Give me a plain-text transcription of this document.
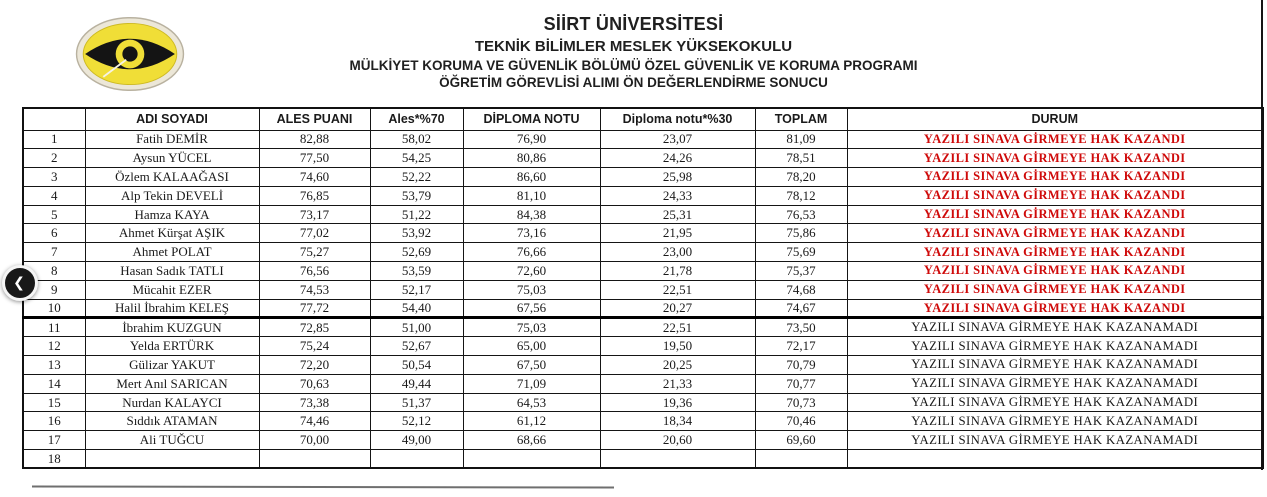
SİİRT ÜNİVERSİTESİ
TEKNİK BİLİMLER MESLEK YÜKSEKOKULU
MÜLKİYET KORUMA VE GÜVENLİK BÖLÜMÜ ÖZEL GÜVENLİK VE KORUMA PROGRAMI
ÖĞRETİM GÖREVLİSİ ALIMI ÖN DEĞERLENDİRME SONUCU
	ADI SOYADI	ALES PUANI	Ales*%70	DİPLOMA NOTU	Diploma notu*%30	TOPLAM	DURUM
1	Fatih DEMİR	82,88	58,02	76,90	23,07	81,09	YAZILI SINAVA GİRMEYE HAK KAZANDI
2	Aysun YÜCEL	77,50	54,25	80,86	24,26	78,51	YAZILI SINAVA GİRMEYE HAK KAZANDI
3	Özlem KALAAĞASI	74,60	52,22	86,60	25,98	78,20	YAZILI SINAVA GİRMEYE HAK KAZANDI
4	Alp Tekin DEVELİ	76,85	53,79	81,10	24,33	78,12	YAZILI SINAVA GİRMEYE HAK KAZANDI
5	Hamza KAYA	73,17	51,22	84,38	25,31	76,53	YAZILI SINAVA GİRMEYE HAK KAZANDI
6	Ahmet Kürşat AŞIK	77,02	53,92	73,16	21,95	75,86	YAZILI SINAVA GİRMEYE HAK KAZANDI
7	Ahmet POLAT	75,27	52,69	76,66	23,00	75,69	YAZILI SINAVA GİRMEYE HAK KAZANDI
8	Hasan Sadık TATLI	76,56	53,59	72,60	21,78	75,37	YAZILI SINAVA GİRMEYE HAK KAZANDI
9	Mücahit EZER	74,53	52,17	75,03	22,51	74,68	YAZILI SINAVA GİRMEYE HAK KAZANDI
10	Halil İbrahim KELEŞ	77,72	54,40	67,56	20,27	74,67	YAZILI SINAVA GİRMEYE HAK KAZANDI
11	İbrahim KUZGUN	72,85	51,00	75,03	22,51	73,50	YAZILI SINAVA GİRMEYE HAK KAZANAMADI
12	Yelda ERTÜRK	75,24	52,67	65,00	19,50	72,17	YAZILI SINAVA GİRMEYE HAK KAZANAMADI
13	Gülizar YAKUT	72,20	50,54	67,50	20,25	70,79	YAZILI SINAVA GİRMEYE HAK KAZANAMADI
14	Mert Anıl SARICAN	70,63	49,44	71,09	21,33	70,77	YAZILI SINAVA GİRMEYE HAK KAZANAMADI
15	Nurdan KALAYCI	73,38	51,37	64,53	19,36	70,73	YAZILI SINAVA GİRMEYE HAK KAZANAMADI
16	Sıddık ATAMAN	74,46	52,12	61,12	18,34	70,46	YAZILI SINAVA GİRMEYE HAK KAZANAMADI
17	Ali TUĞCU	70,00	49,00	68,66	20,60	69,60	YAZILI SINAVA GİRMEYE HAK KAZANAMADI
18							
❮
